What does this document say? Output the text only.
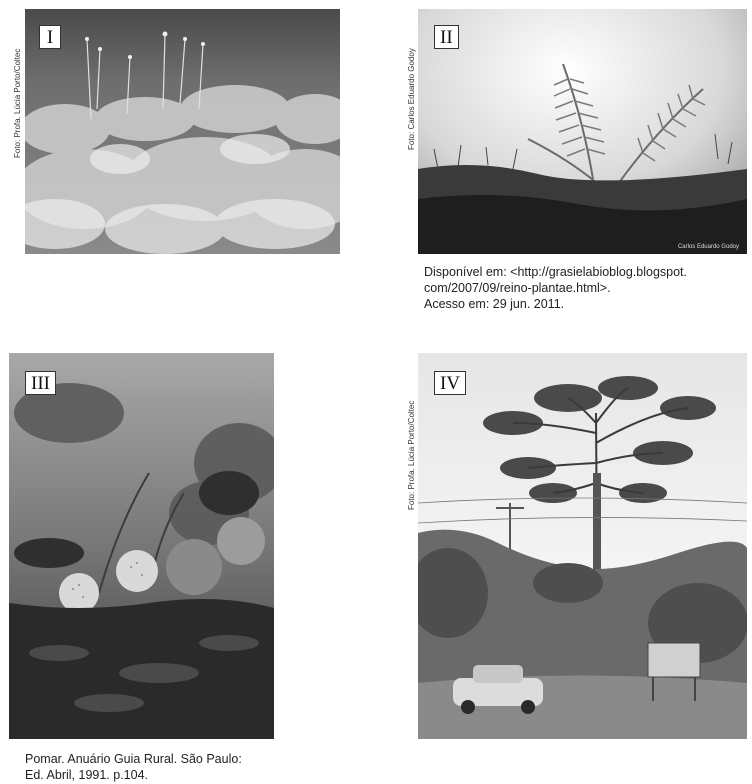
Foto: Profa. Lúcia Porto/Coltec
I
Foto: Carlos Eduardo Godoy
II
Carlos Eduardo Godoy
Disponível em: <http://grasielabioblog.blogspot.
com/2007/09/reino-plantae.html>.
Acesso em: 29 jun. 2011.
III
Pomar. Anuário Guia Rural. São Paulo:
Ed. Abril, 1991. p.104.
Foto: Profa. Lúcia Porto/Coltec
IV
